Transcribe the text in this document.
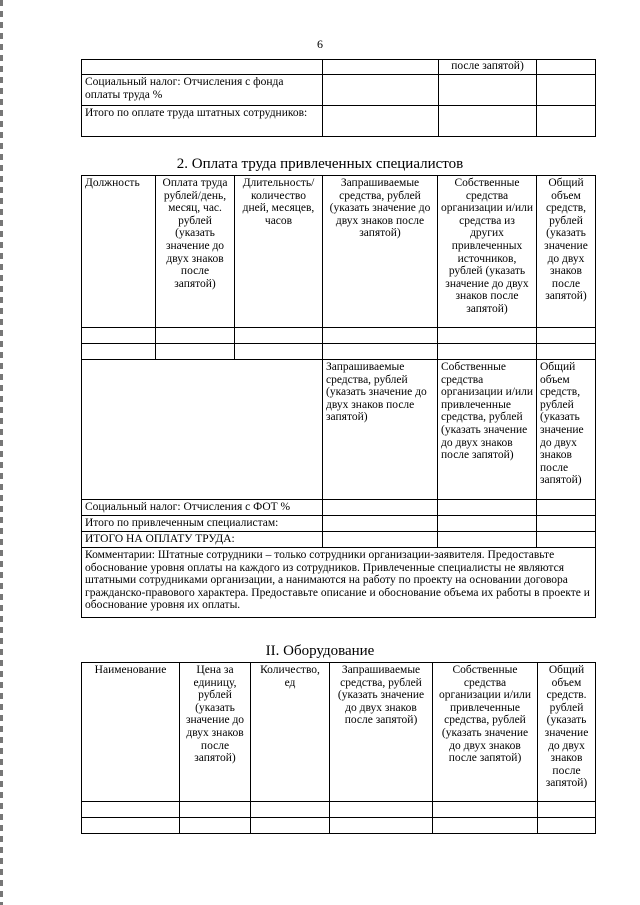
6
		после запятой)	
Социальный налог: Отчисления с фонда оплаты труда %			
Итого по оплате труда штатных сотрудников:			
2. Оплата труда привлеченных специалистов
Должность	Оплата труда рублей/день, месяц, час. рублей (указать значение до двух знаков после запятой)	Длительность/ количество дней, месяцев, часов	Запрашиваемые средства, рублей (указать значение до двух знаков после запятой)	Собственные средства организации и/или средства из других привлеченных источников, рублей (указать значение до двух знаков после запятой)	Общий объем средств, рублей (указать значение до двух знаков после запятой)

			Запрашиваемые средства, рублей (указать значение до двух знаков после запятой)	Собственные средства организации и/или привлеченные средства, рублей (указать значение до двух знаков после запятой)	Общий объем средств, рублей (указать значение до двух знаков после запятой)
Социальный налог: Отчисления с ФОТ %					
Итого по привлеченным специалистам:					
ИТОГО НА ОПЛАТУ ТРУДА:					
Комментарии: Штатные сотрудники – только сотрудники организации-заявителя. Предоставьте обоснование уровня оплаты на каждого из сотрудников. Привлеченные специалисты не являются штатными сотрудниками организации, а нанимаются на работу по проекту на основании договора гражданско-правового характера. Предоставьте описание и обоснование объема их работы в проекте и обоснование уровня их оплаты.					
II. Оборудование
Наименование	Цена за единицу, рублей (указать значение до двух знаков после запятой)	Количество, ед	Запрашиваемые средства, рублей (указать значение до двух знаков после запятой)	Собственные средства организации и/или привлеченные средства, рублей (указать значение до двух знаков после запятой)	Общий объем средств. рублей (указать значение до двух знаков после запятой)
